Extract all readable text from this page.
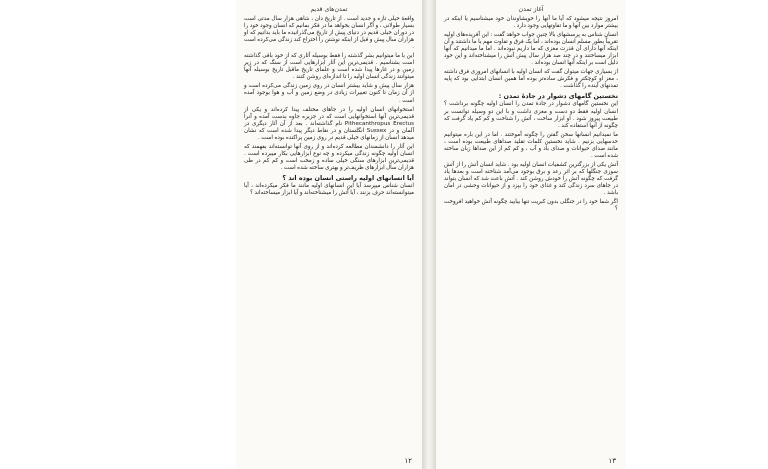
تمدن‌های قدیم

واقعهٔ خیلی تازه و جدید است . از تاریخ دان ، شاهی هزار سال مدتی است بسیار طولانی ، و اگر انسان بخواهد ما در فکر بمانیم که انسان وجود خود را در دوران خیلی قدیم در دنیای پیش از تاریخ می‌گذرانیده ما باید بدانیم که او هزاران سال پیش و قبل از اینکه نوشتن را اختراع کند زندگی می‌کرده است .

این با ما میتوانیم بشر گذشته را فقط بوسیله آثاری که از خود باقی گذاشته است بشناسیم . قدیمی‌ترین این آثار ابزارهایی است از سنگ که در زیر زمین و در غارها پیدا شده است و علمای تاریخ ماقبل تاریخ بوسیله آنها میتوانند زندگی انسان اولیه را تا اندازه‌ای روشن کنند .

هزار سال پیش و شاید بیشتر انسان در روی زمین زندگی می‌کرده است و از آن زمان تا کنون تغییرات زیادی در وضع زمین و آب و هوا بوجود آمده است .

استخوانهای انسان اولیه را در جاهای مختلف پیدا کرده‌اند و یکی از قدیمی‌ترین آنها استخوانهایی است که در جزیره جاوه بدست آمده و آنرا Pithecanthropus Erectus نام گذاشته‌اند . بعد از آن آثار دیگری در آلمان و در Sussex انگلستان و در نقاط دیگر پیدا شده است که نشان میدهد انسان از زمانهای خیلی قدیم در روی زمین پراکنده بوده است .

این آثار را دانشمندان مطالعه کرده‌اند و از روی آنها توانسته‌اند بفهمند که انسان اولیه چگونه زندگی میکرده و چه نوع ابزارهایی بکار میبرده است . قدیمی‌ترین ابزارهای سنگی خیلی ساده و زمخت است و کم کم در طی هزاران سال ابزارهای ظریف‌تر و بهتری ساخته شده است .

آیا انسانهای اولیه راستی انسان بوده اند ؟

انسان شناس میپرسد آیا این انسانهای اولیه مانند ما فکر میکرده‌اند ، آیا میتوانسته‌اند حرف بزنند ، آیا آتش را میشناخته‌اند و آیا ابزار میساخته‌اند ؟

۱۲
آغاز تمدن

امروز نتیجه میشود که آیا ما آنها را خویشاوندان خود میشناسیم یا اینکه در بیشتر موارد بین آنها و ما تفاوتهایی وجود دارد .

انسان شناس به پرسشهای بالا چنین جواب خواهد گفت : این آفریده‌های اولیه تقریباً بطور مسلم انسان بوده‌اند ، اما یک فرق و تفاوت مهم با ما داشتند و آن اینکه آنها دارای آن قدرت مغزی که ما داریم نبوده‌اند . اما ما میدانیم که آنها ابزار میساختند و در چند صد هزار سال پیش آتش را میشناخته‌اند و این خود دلیل است بر اینکه آنها انسان بوده‌اند .

از بسیاری جهات میتوان گفت که انسان اولیه با انسانهای امروزی فرق داشته ، مغز او کوچکتر و فکرش ساده‌تر بوده اما همین انسان ابتدایی بود که پایه تمدنهای آینده را گذاشت .

نخستین گامهای دشوار در جادهٔ تمدن :

این نخستین گامهای دشوار در جادهٔ تمدن را انسان اولیه چگونه برداشت ؟ انسان اولیه فقط دو دست و مغزی داشت و با این دو وسیله توانست بر طبیعت پیروز شود . او ابزار ساخت ، آتش را شناخت و کم کم یاد گرفت که چگونه از آنها استفاده کند .

ما نمیدانیم انسانها سخن گفتن را چگونه آموختند . اما در این باره میتوانیم حدسهایی بزنیم . شاید نخستین کلمات تقلید صداهای طبیعت بوده است ، مانند صدای حیوانات و صدای باد و آب ، و کم کم از این صداها زبان ساخته شده است .

آتش یکی از بزرگترین کشفیات انسان اولیه بود . شاید انسان آتش را از آتش سوزی جنگلها که بر اثر رعد و برق بوجود می‌آمد شناخته است و بعدها یاد گرفت که چگونه آتش را خودش روشن کند . آتش باعث شد که انسان بتواند در جاهای سرد زندگی کند و غذای خود را بپزد و از حیوانات وحشی در امان باشد .

اگر شما خود را در جنگلی بدون کبریت تنها بیابید چگونه آتش خواهید افروخت ؟

۱۳
